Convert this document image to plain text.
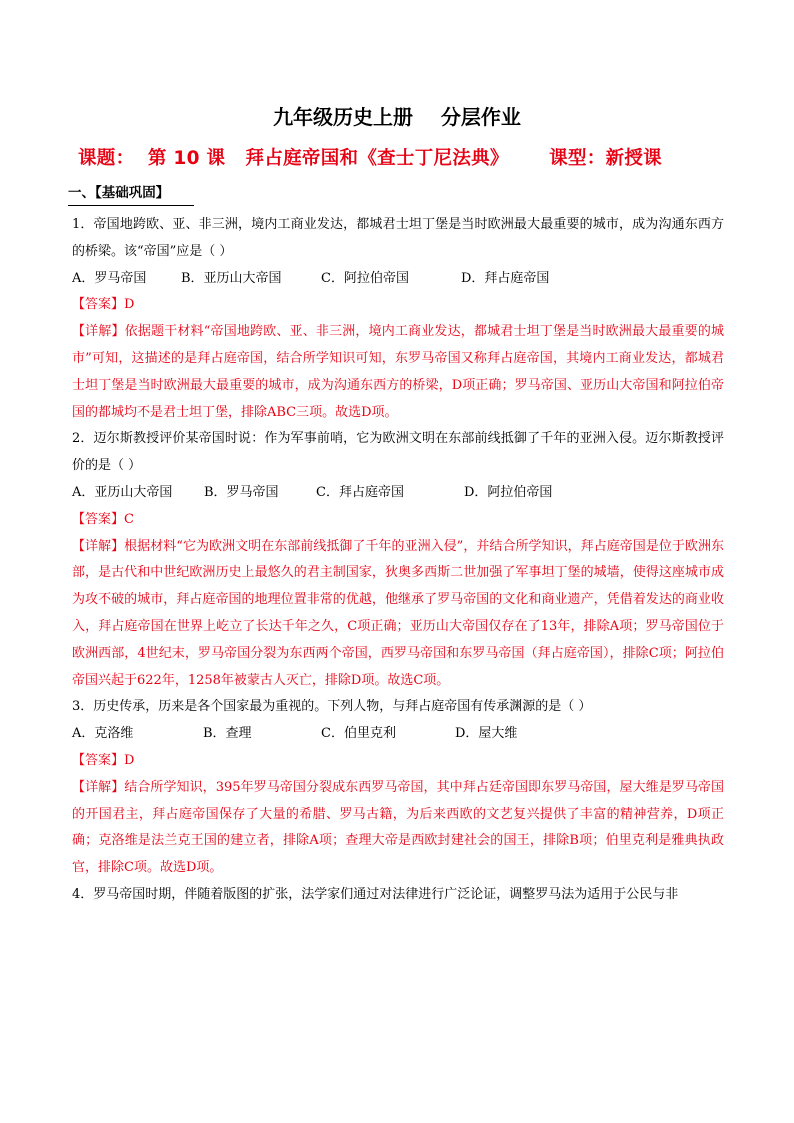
九年级历史上册    分层作业
课题：  第 10 课   拜占庭帝国和《查士丁尼法典》      课型：新授课
一、【基础巩固】
1．帝国地跨欧、亚、非三洲，境内工商业发达，都城君士坦丁堡是当时欧洲最大最重要的城市，成为沟通东西方的桥梁。该“帝国”应是（ ）
A．罗马帝国	B．亚历山大帝国	C．阿拉伯帝国	D．拜占庭帝国
【答案】D
【详解】依据题干材料“帝国地跨欧、亚、非三洲，境内工商业发达，都城君士坦丁堡是当时欧洲最大最重要的城市”可知，这描述的是拜占庭帝国，结合所学知识可知，东罗马帝国又称拜占庭帝国，其境内工商业发达，都城君士坦丁堡是当时欧洲最大最重要的城市，成为沟通东西方的桥梁，D项正确；罗马帝国、亚历山大帝国和阿拉伯帝国的都城均不是君士坦丁堡，排除ABC三项。故选D项。
2．迈尔斯教授评价某帝国时说：作为军事前哨，它为欧洲文明在东部前线抵御了千年的亚洲入侵。迈尔斯教授评价的是（ ）
A．亚历山大帝国	B．罗马帝国	C．拜占庭帝国	D．阿拉伯帝国
【答案】C
【详解】根据材料“它为欧洲文明在东部前线抵御了千年的亚洲入侵”，并结合所学知识，拜占庭帝国是位于欧洲东部，是古代和中世纪欧洲历史上最悠久的君主制国家，狄奥多西斯二世加强了军事坦丁堡的城墙，使得这座城市成为攻不破的城市，拜占庭帝国的地理位置非常的优越，他继承了罗马帝国的文化和商业遗产，凭借着发达的商业收入，拜占庭帝国在世界上屹立了长达千年之久，C项正确；亚历山大帝国仅存在了13年，排除A项；罗马帝国位于欧洲西部，4世纪末，罗马帝国分裂为东西两个帝国，西罗马帝国和东罗马帝国（拜占庭帝国），排除C项；阿拉伯帝国兴起于622年，1258年被蒙古人灭亡，排除D项。故选C项。
3．历史传承，历来是各个国家最为重视的。下列人物，与拜占庭帝国有传承渊源的是（ ）
A．克洛维	B．查理	C．伯里克利	D．屋大维
【答案】D
【详解】结合所学知识，395年罗马帝国分裂成东西罗马帝国，其中拜占廷帝国即东罗马帝国，屋大维是罗马帝国的开国君主，拜占庭帝国保存了大量的希腊、罗马古籍，为后来西欧的文艺复兴提供了丰富的精神营养，D项正确；克洛维是法兰克王国的建立者，排除A项；查理大帝是西欧封建社会的国王，排除B项；伯里克利是雅典执政官，排除C项。故选D项。
4．罗马帝国时期，伴随着版图的扩张，法学家们通过对法律进行广泛论证，调整罗马法为适用于公民与非
